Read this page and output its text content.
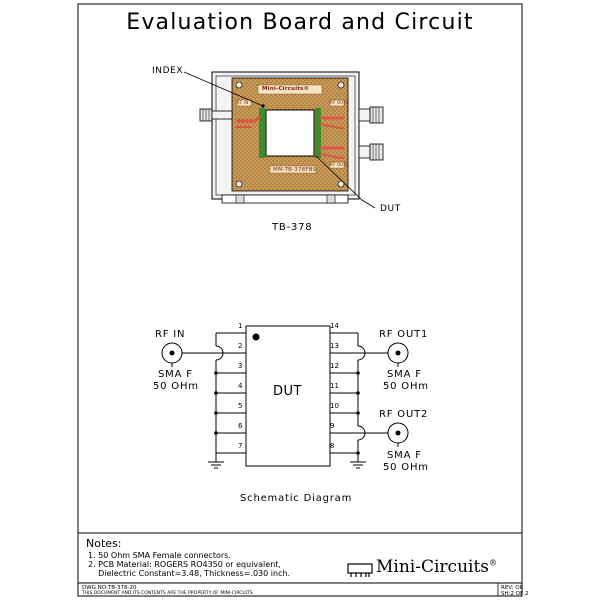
Evaluation Board and Circuit
Mini-Circuits®
MM-TB-378FBS
RF IN	RF OUT1
RF OUT2
INDEX
DUT
TB-378
1
2
3
4
5
6
7
14
13
12
11
10
9
8
DUT
RF IN
SMA F
50 OHm
RF OUT1
SMA F
50 OHm
RF OUT2
SMA F
50 OHm
Schematic Diagram
Notes:
1. 50 Ohm SMA Female connectors.
2. PCB Material: ROGERS RO4350 or equivalent,
Dielectric Constant=3.48, Thickness=.030 inch.	Mini-Circuits®
DWG NO:TB-378-20
THIS DOCUMENT AND ITS CONTENTS ARE THE PROPERTY OF MINI-CIRCUITS.
REV: OR
SH:2 OF 2
